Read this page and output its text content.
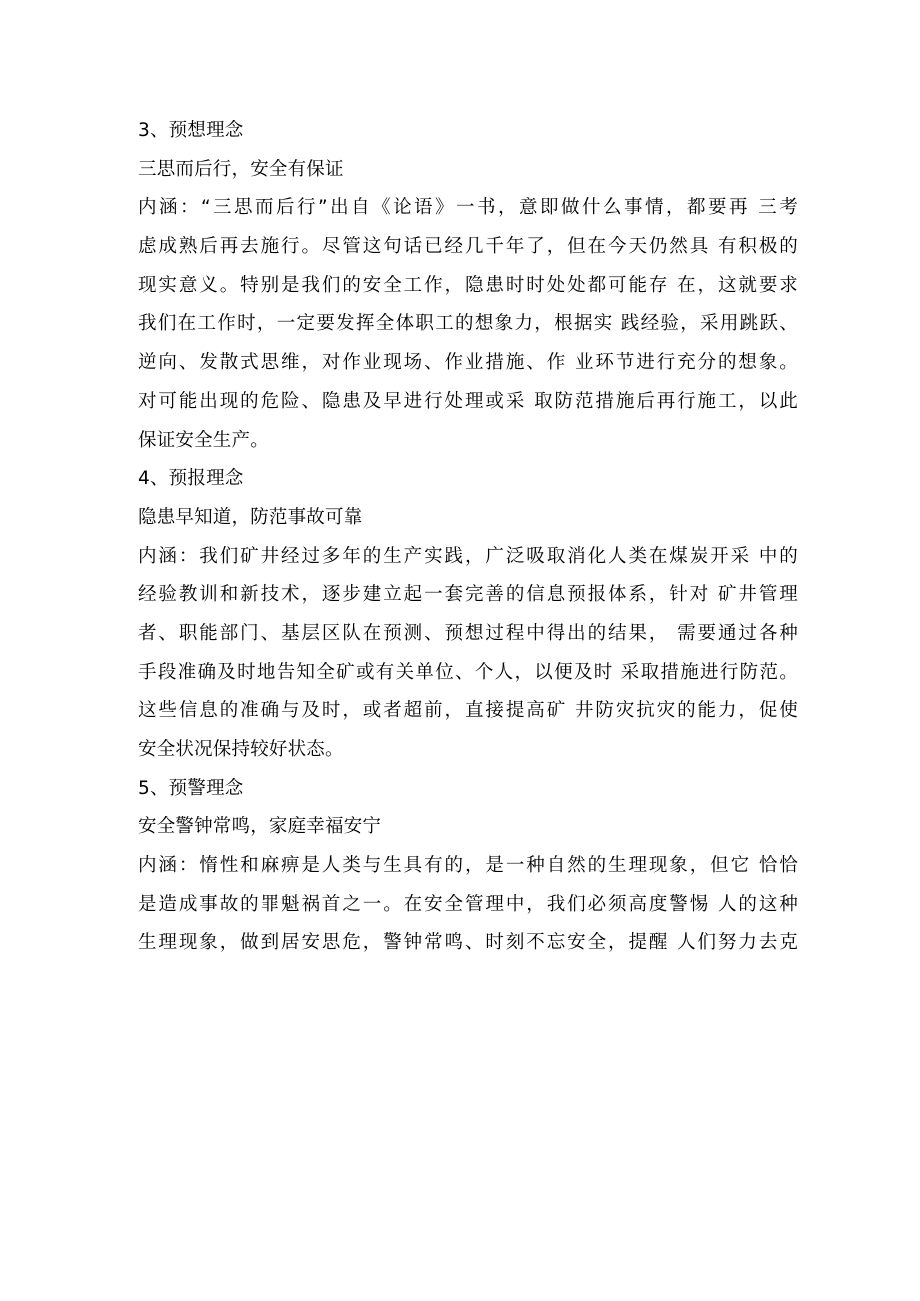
3、预想理念
三思而后行，安全有保证
内涵：“三思而后行”出自《论语》一书，意即做什么事情，都要再 三考
虑成熟后再去施行。尽管这句话已经几千年了，但在今天仍然具 有积极的
现实意义。特别是我们的安全工作，隐患时时处处都可能存 在，这就要求
我们在工作时，一定要发挥全体职工的想象力，根据实 践经验，采用跳跃、
逆向、发散式思维，对作业现场、作业措施、作 业环节进行充分的想象。
对可能出现的危险、隐患及早进行处理或采 取防范措施后再行施工，以此
保证安全生产。
4、预报理念
隐患早知道，防范事故可靠
内涵：我们矿井经过多年的生产实践，广泛吸取消化人类在煤炭开采 中的
经验教训和新技术，逐步建立起一套完善的信息预报体系，针对 矿井管理
者、职能部门、基层区队在预测、预想过程中得出的结果， 需要通过各种
手段准确及时地告知全矿或有关单位、个人，以便及时 采取措施进行防范。
这些信息的准确与及时，或者超前，直接提高矿 井防灾抗灾的能力，促使
安全状况保持较好状态。
5、预警理念
安全警钟常鸣，家庭幸福安宁
内涵：惰性和麻痹是人类与生具有的，是一种自然的生理现象，但它 恰恰
是造成事故的罪魁祸首之一。在安全管理中，我们必须高度警惕 人的这种
生理现象，做到居安思危，警钟常鸣、时刻不忘安全，提醒 人们努力去克
